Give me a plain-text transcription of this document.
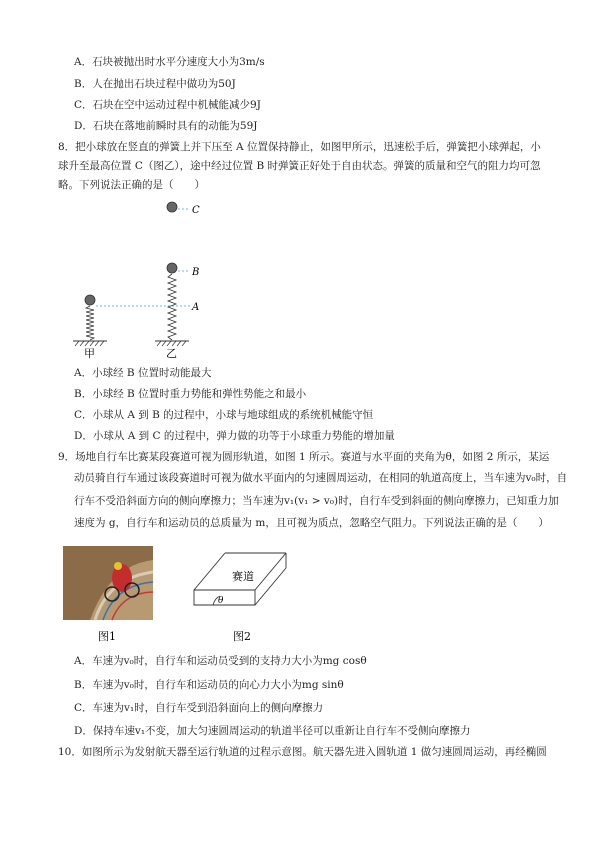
A．石块被抛出时水平分速度大小为3m/s
B．人在抛出石块过程中做功为50J
C．石块在空中运动过程中机械能减少9J
D．石块在落地前瞬时具有的动能为59J
8．把小球放在竖直的弹簧上并下压至 A 位置保持静止，如图甲所示，迅速松手后，弹簧把小球弹起，小
球升至最高位置 C（图乙），途中经过位置 B 时弹簧正好处于自由状态。弹簧的质量和空气的阻力均可忽
略。下列说法正确的是（　　）
C
B
A
甲	乙
A．小球经 B 位置时动能最大
B．小球经 B 位置时重力势能和弹性势能之和最小
C．小球从 A 到 B 的过程中，小球与地球组成的系统机械能守恒
D．小球从 A 到 C 的过程中，弹力做的功等于小球重力势能的增加量
9．场地自行车比赛某段赛道可视为圆形轨道，如图 1 所示。赛道与水平面的夹角为θ，如图 2 所示，某运
动员骑自行车通过该段赛道时可视为做水平面内的匀速圆周运动，在相同的轨道高度上，当车速为v₀时，自
行车不受沿斜面方向的侧向摩擦力；当车速为v₁(v₁ > v₀)时，自行车受到斜面的侧向摩擦力，已知重力加
速度为 g，自行车和运动员的总质量为 m，且可视为质点，忽略空气阻力。下列说法正确的是（　　）
图1
赛道
θ
图2
A．车速为v₀时，自行车和运动员受到的支持力大小为mg cosθ
B．车速为v₀时，自行车和运动员的向心力大小为mg sinθ
C．车速为v₁时，自行车受到沿斜面向上的侧向摩擦力
D．保持车速v₁不变，加大匀速圆周运动的轨道半径可以重新让自行车不受侧向摩擦力
10．如图所示为发射航天器至运行轨道的过程示意图。航天器先进入圆轨道 1 做匀速圆周运动，再经椭圆
